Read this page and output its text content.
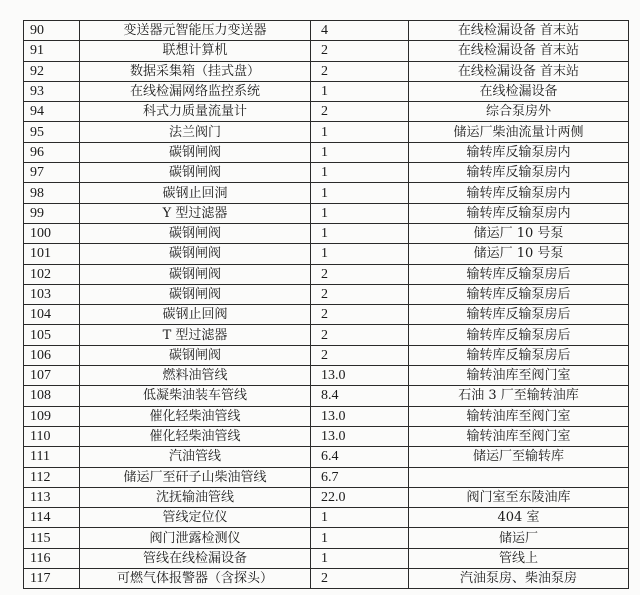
90	变送器元智能压力变送器	4	在线检漏设备 首末站
91	联想计算机	2	在线检漏设备 首末站
92	数据采集箱（挂式盘）	2	在线检漏设备 首末站
93	在线检漏网络监控系统	1	在线检漏设备
94	科式力质量流量计	2	综合泵房外
95	法兰阀门	1	储运厂柴油流量计两侧
96	碳钢闸阀	1	输转库反输泵房内
97	碳钢闸阀	1	输转库反输泵房内
98	碳钢止回洞	1	输转库反输泵房内
99	Y 型过滤器	1	输转库反输泵房内
100	碳钢闸阀	1	储运厂 10 号泵
101	碳钢闸阀	1	储运厂 10 号泵
102	碳钢闸阀	2	输转库反输泵房后
103	碳钢闸阀	2	输转库反输泵房后
104	碳钢止回阀	2	输转库反输泵房后
105	T 型过滤器	2	输转库反输泵房后
106	碳钢闸阀	2	输转库反输泵房后
107	燃料油管线	13.0	输转油库至阀门室
108	低凝柴油装车管线	8.4	石油 3 厂至输转油库
109	催化轻柴油管线	13.0	输转油库至阀门室
110	催化轻柴油管线	13.0	输转油库至阀门室
111	汽油管线	6.4	储运厂至输转库
112	储运厂至矸子山柴油管线	6.7	
113	沈抚输油管线	22.0	阀门室至东陵油库
114	管线定位仪	1	404 室
115	阀门泄露检测仪	1	储运厂
116	管线在线检漏设备	1	管线上
117	可燃气体报警器（含探头）	2	汽油泵房、柴油泵房
